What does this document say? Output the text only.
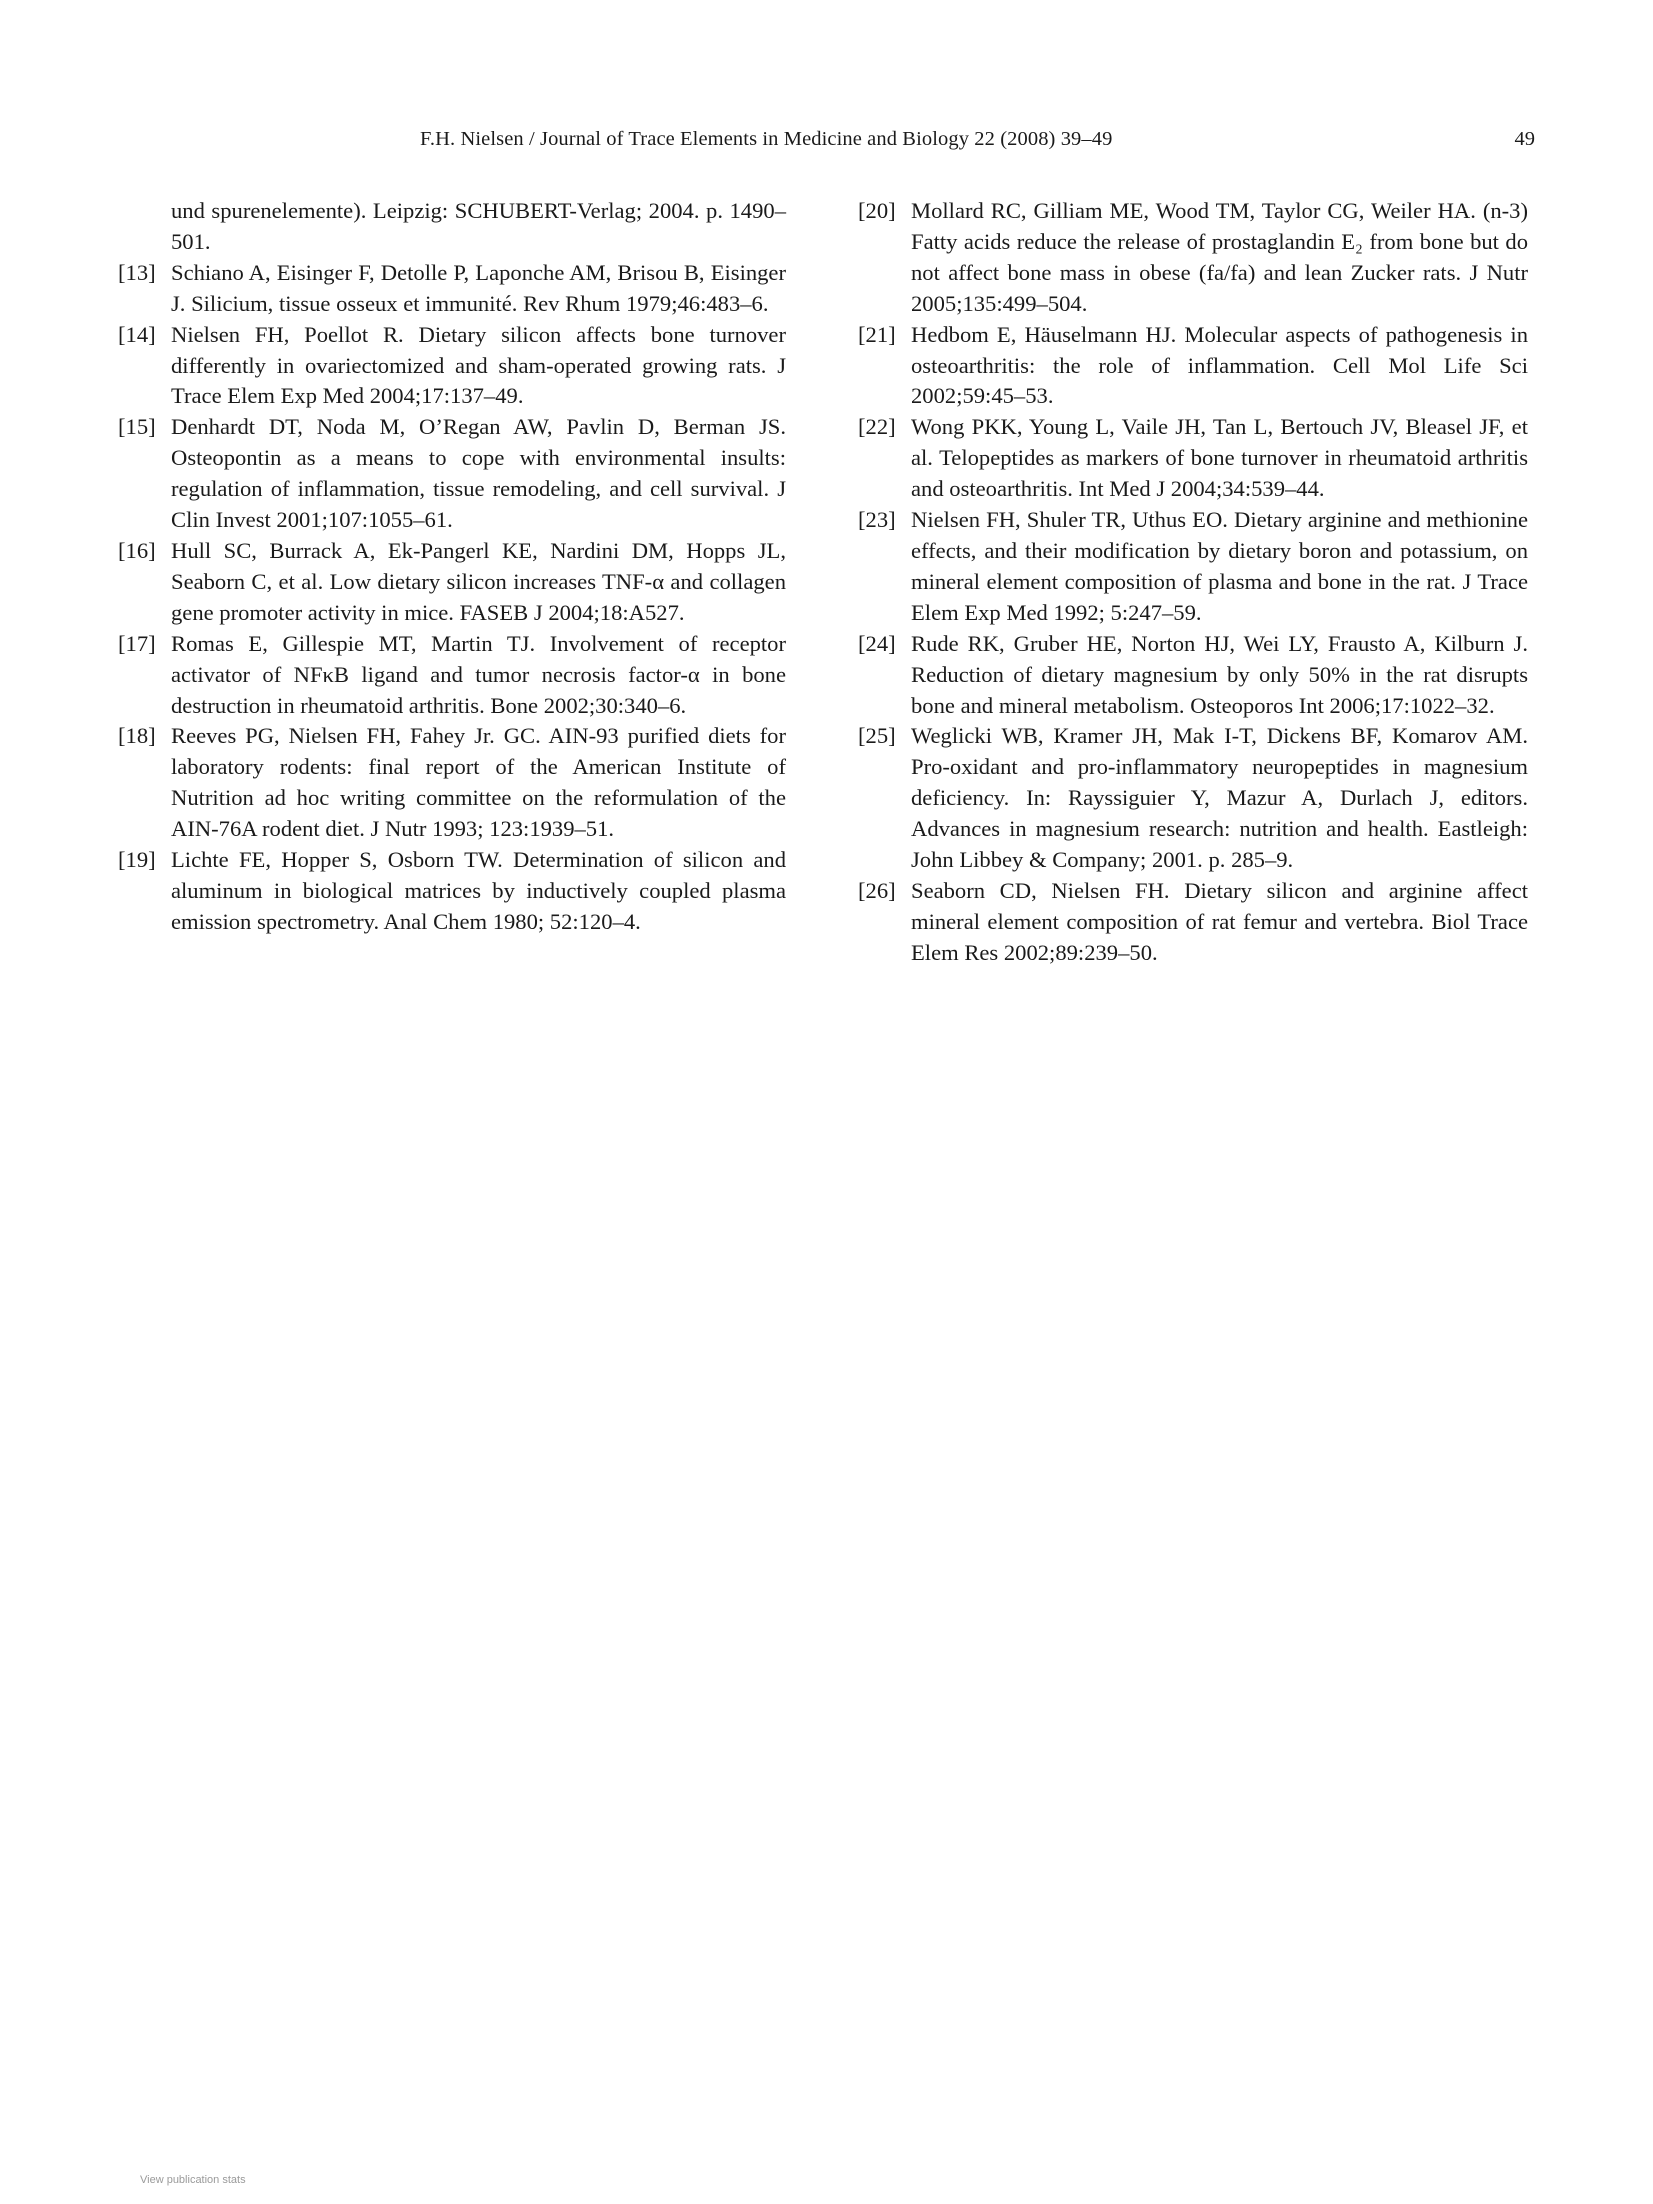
F.H. Nielsen / Journal of Trace Elements in Medicine and Biology 22 (2008) 39–49	49
und spurenelemente). Leipzig: SCHUBERT-Verlag; 2004. p. 1490–501.
[13] Schiano A, Eisinger F, Detolle P, Laponche AM, Brisou B, Eisinger J. Silicium, tissue osseux et immunité. Rev Rhum 1979;46:483–6.
[14] Nielsen FH, Poellot R. Dietary silicon affects bone turnover differently in ovariectomized and sham-operated growing rats. J Trace Elem Exp Med 2004;17:137–49.
[15] Denhardt DT, Noda M, O’Regan AW, Pavlin D, Berman JS. Osteopontin as a means to cope with environmental insults: regulation of inflammation, tissue remodeling, and cell survival. J Clin Invest 2001;107:1055–61.
[16] Hull SC, Burrack A, Ek-Pangerl KE, Nardini DM, Hopps JL, Seaborn C, et al. Low dietary silicon increases TNF-α and collagen gene promoter activity in mice. FASEB J 2004;18:A527.
[17] Romas E, Gillespie MT, Martin TJ. Involvement of receptor activator of NFκB ligand and tumor necrosis factor-α in bone destruction in rheumatoid arthritis. Bone 2002;30:340–6.
[18] Reeves PG, Nielsen FH, Fahey Jr. GC. AIN-93 purified diets for laboratory rodents: final report of the American Institute of Nutrition ad hoc writing committee on the reformulation of the AIN-76A rodent diet. J Nutr 1993; 123:1939–51.
[19] Lichte FE, Hopper S, Osborn TW. Determination of silicon and aluminum in biological matrices by inductively coupled plasma emission spectrometry. Anal Chem 1980; 52:120–4.
[20] Mollard RC, Gilliam ME, Wood TM, Taylor CG, Weiler HA. (n-3) Fatty acids reduce the release of prostaglandin E₂ from bone but do not affect bone mass in obese (fa/fa) and lean Zucker rats. J Nutr 2005;135:499–504.
[21] Hedbom E, Häuselmann HJ. Molecular aspects of pathogenesis in osteoarthritis: the role of inflammation. Cell Mol Life Sci 2002;59:45–53.
[22] Wong PKK, Young L, Vaile JH, Tan L, Bertouch JV, Bleasel JF, et al. Telopeptides as markers of bone turnover in rheumatoid arthritis and osteoarthritis. Int Med J 2004;34:539–44.
[23] Nielsen FH, Shuler TR, Uthus EO. Dietary arginine and methionine effects, and their modification by dietary boron and potassium, on mineral element composition of plasma and bone in the rat. J Trace Elem Exp Med 1992; 5:247–59.
[24] Rude RK, Gruber HE, Norton HJ, Wei LY, Frausto A, Kilburn J. Reduction of dietary magnesium by only 50% in the rat disrupts bone and mineral metabolism. Osteoporos Int 2006;17:1022–32.
[25] Weglicki WB, Kramer JH, Mak I-T, Dickens BF, Komarov AM. Pro-oxidant and pro-inflammatory neuropeptides in magnesium deficiency. In: Rayssiguier Y, Mazur A, Durlach J, editors. Advances in magnesium research: nutrition and health. Eastleigh: John Libbey & Company; 2001. p. 285–9.
[26] Seaborn CD, Nielsen FH. Dietary silicon and arginine affect mineral element composition of rat femur and vertebra. Biol Trace Elem Res 2002;89:239–50.
View publication stats
